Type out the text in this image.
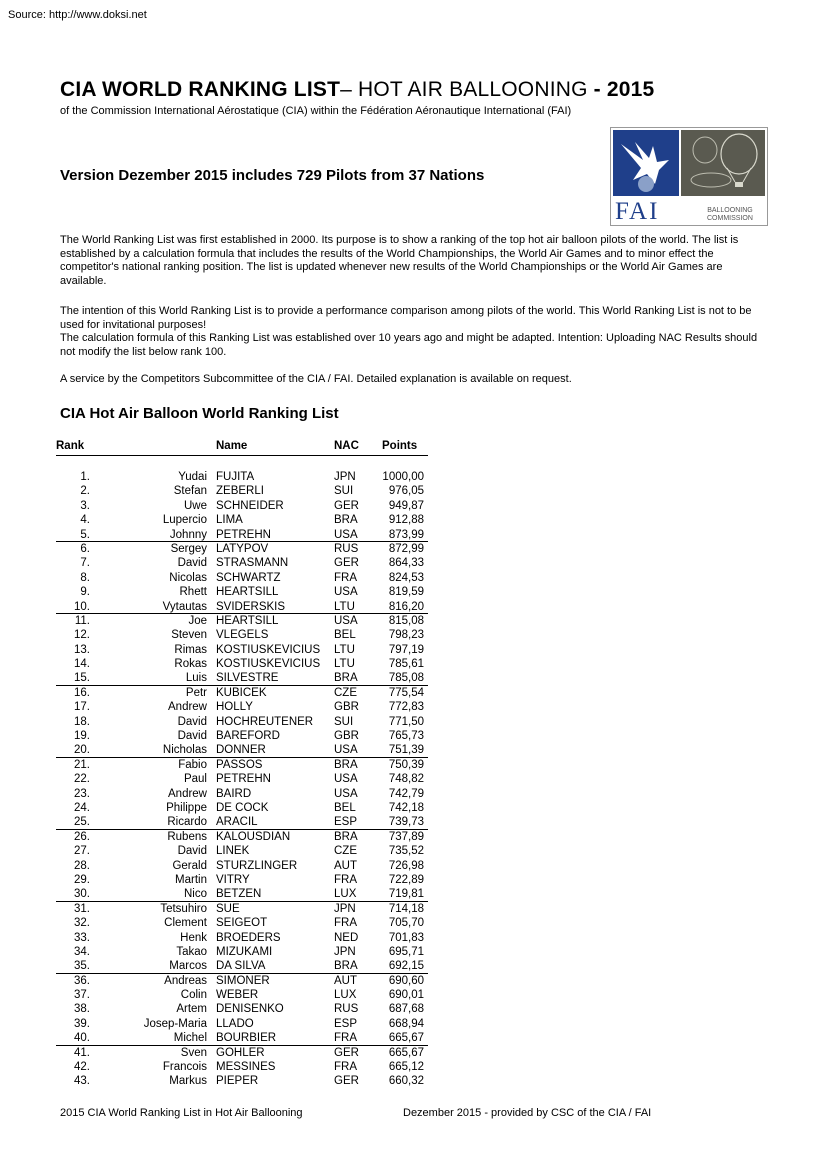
Source: http://www.doksi.net
CIA WORLD RANKING LIST– HOT AIR BALLOONING - 2015
of the Commission International Aérostatique (CIA) within the Fédération Aéronautique International (FAI)
Version Dezember 2015 includes 729 Pilots from 37 Nations
FAI	BALLOONING
COMMISSION
The World Ranking List was first established in 2000. Its purpose is to show a ranking of the top hot air balloon pilots of the world. The list is established by a calculation formula that includes the results of the World Championships, the World Air Games and to minor effect the competitor's national ranking position. The list is updated whenever new results of the World Championships or the World Air Games are available.
The intention of this World Ranking List is to provide a performance comparison among pilots of the world. This World Ranking List is not to be used for invitational purposes!
The calculation formula of this Ranking List was established over 10 years ago and might be adapted. Intention: Uploading NAC Results should not modify the list below rank 100.
A service by the Competitors Subcommittee of the CIA / FAI. Detailed explanation is available on request.
CIA Hot Air Balloon World Ranking List
Rank	Name	NAC Points
1.	Yudai FUJITA	JPN	1000,00
2.	Stefan ZEBERLI	SUI	976,05
3.	Uwe SCHNEIDER	GER	949,87
4.	Lupercio LIMA	BRA	912,88
5.	Johnny PETREHN	USA	873,99
6.	Sergey LATYPOV	RUS	872,99
7.	David STRASMANN	GER	864,33
8.	Nicolas SCHWARTZ	FRA	824,53
9.	Rhett HEARTSILL	USA	819,59
10.	Vytautas SVIDERSKIS	LTU	816,20
11.	Joe HEARTSILL	USA	815,08
12.	Steven VLEGELS	BEL	798,23
13.	Rimas KOSTIUSKEVICIUS LTU	797,19
14.	Rokas KOSTIUSKEVICIUS LTU	785,61
15.	Luis SILVESTRE	BRA	785,08
16.	Petr KUBICEK	CZE	775,54
17.	Andrew HOLLY	GBR	772,83
18.	David HOCHREUTENER SUI	771,50
19.	David BAREFORD	GBR	765,73
20.	Nicholas DONNER	USA	751,39
21.	Fabio PASSOS	BRA	750,39
22.	Paul PETREHN	USA	748,82
23.	Andrew BAIRD	USA	742,79
24.	Philippe DE COCK	BEL	742,18
25.	Ricardo ARACIL	ESP	739,73
26.	Rubens KALOUSDIAN	BRA	737,89
27.	David LINEK	CZE	735,52
28.	Gerald STURZLINGER	AUT	726,98
29.	Martin VITRY	FRA	722,89
30.	Nico BETZEN	LUX	719,81
31.	Tetsuhiro SUE	JPN	714,18
32.	Clement SEIGEOT	FRA	705,70
33.	Henk BROEDERS	NED	701,83
34.	Takao MIZUKAMI	JPN	695,71
35.	Marcos DA SILVA	BRA	692,15
36.	Andreas SIMONER	AUT	690,60
37.	Colin WEBER	LUX	690,01
38.	Artem DENISENKO	RUS	687,68
39.	Josep-Maria LLADO	ESP	668,94
40.	Michel BOURBIER	FRA	665,67
41.	Sven GOHLER	GER	665,67
42.	Francois MESSINES	FRA	665,12
43.	Markus PIEPER	GER	660,32
2015 CIA World Ranking List in Hot Air Ballooning	Dezember 2015 - provided by CSC of the CIA / FAI
